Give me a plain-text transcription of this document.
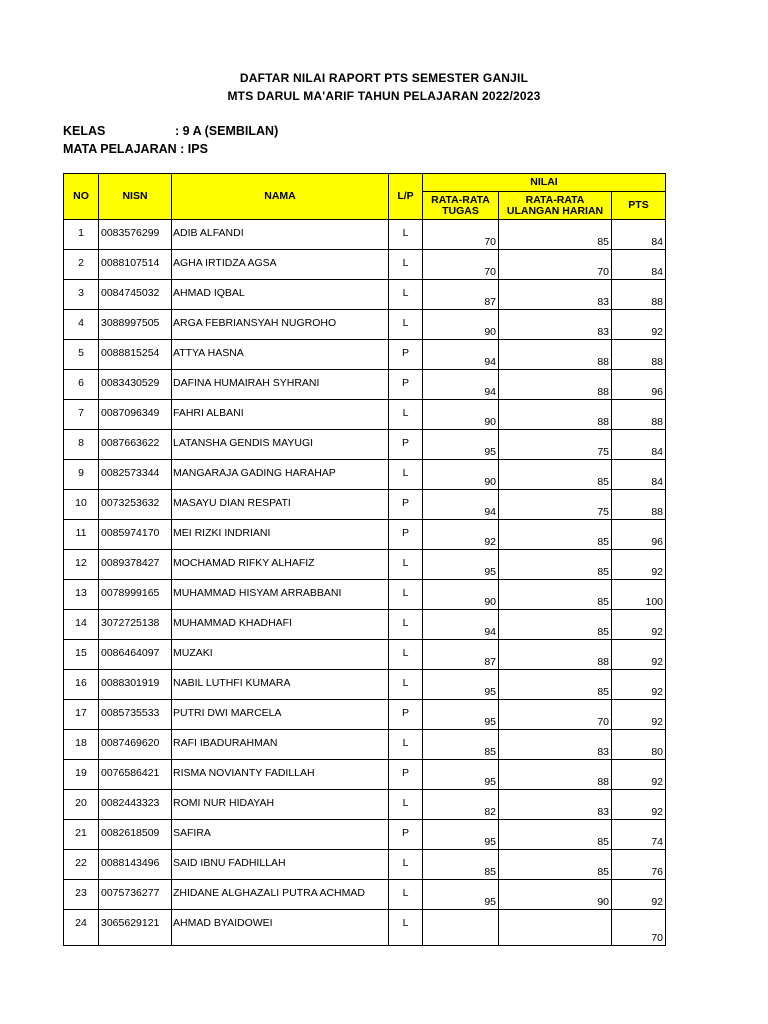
DAFTAR NILAI RAPORT PTS SEMESTER GANJIL
MTS DARUL MA'ARIF TAHUN PELAJARAN 2022/2023
KELAS	: 9 A (SEMBILAN)
MATA PELAJARAN : IPS
NO	NISN	NAMA	L/P	NILAI		
				RATA-RATA TUGAS	RATA-RATA ULANGAN HARIAN	PTS
1	0083576299	ADIB ALFANDI	L	70	85	84
2	0088107514	AGHA IRTIDZA AGSA	L	70	70	84
3	0084745032	AHMAD IQBAL	L	87	83	88
4	3088997505	ARGA FEBRIANSYAH NUGROHO	L	90	83	92
5	0088815254	ATTYA HASNA	P	94	88	88
6	0083430529	DAFINA HUMAIRAH SYHRANI	P	94	88	96
7	0087096349	FAHRI ALBANI	L	90	88	88
8	0087663622	LATANSHA GENDIS MAYUGI	P	95	75	84
9	0082573344	MANGARAJA GADING HARAHAP	L	90	85	84
10	0073253632	MASAYU DIAN RESPATI	P	94	75	88
11	0085974170	MEI RIZKI INDRIANI	P	92	85	96
12	0089378427	MOCHAMAD RIFKY ALHAFIZ	L	95	85	92
13	0078999165	MUHAMMAD HISYAM ARRABBANI	L	90	85	100
14	3072725138	MUHAMMAD KHADHAFI	L	94	85	92
15	0086464097	MUZAKI	L	87	88	92
16	0088301919	NABIL LUTHFI KUMARA	L	95	85	92
17	0085735533	PUTRI DWI MARCELA	P	95	70	92
18	0087469620	RAFI IBADURAHMAN	L	85	83	80
19	0076586421	RISMA NOVIANTY FADILLAH	P	95	88	92
20	0082443323	ROMI NUR HIDAYAH	L	82	83	92
21	0082618509	SAFIRA	P	95	85	74
22	0088143496	SAID IBNU FADHILLAH	L	85	85	76
23	0075736277	ZHIDANE ALGHAZALI PUTRA ACHMAD	L	95	90	92
24	3065629121	AHMAD BYAIDOWEI	L			70
